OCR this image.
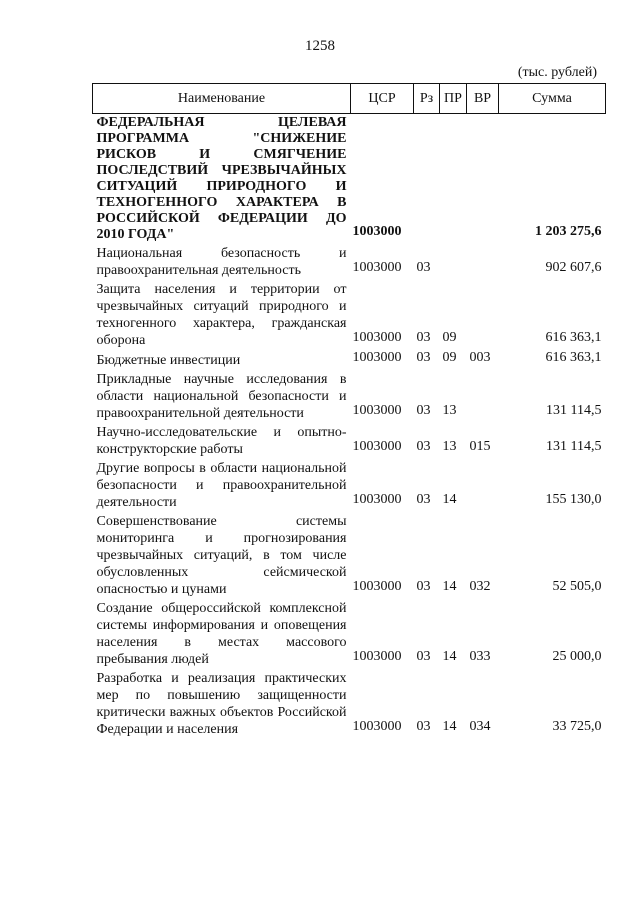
1258
(тыс. рублей)
Наименование	ЦСР	Рз	ПР	ВР	Сумма
ФЕДЕРАЛЬНАЯ ЦЕЛЕВАЯ ПРОГРАММА "СНИЖЕНИЕ РИСКОВ И СМЯГЧЕНИЕ ПОСЛЕДСТВИЙ ЧРЕЗВЫЧАЙНЫХ СИТУАЦИЙ ПРИРОДНОГО И ТЕХНОГЕННОГО ХАРАКТЕРА В РОССИЙСКОЙ ФЕДЕРАЦИИ ДО 2010 ГОДА"	1003000				1 203 275,6
Национальная безопасность и правоохранительная деятельность	1003000	03			902 607,6
Защита населения и территории от чрезвычайных ситуаций природного и техногенного характера, гражданская оборона	1003000	03	09		616 363,1
Бюджетные инвестиции	1003000	03	09	003	616 363,1
Прикладные научные исследования в области национальной безопасности и правоохранительной деятельности	1003000	03	13		131 114,5
Научно-исследовательские и опытно-конструкторские работы	1003000	03	13	015	131 114,5
Другие вопросы в области национальной безопасности и правоохранительной деятельности	1003000	03	14		155 130,0
Совершенствование системы мониторинга и прогнозирования чрезвычайных ситуаций, в том числе обусловленных сейсмической опасностью и цунами	1003000	03	14	032	52 505,0
Создание общероссийской комплексной системы информирования и оповещения населения в местах массового пребывания людей	1003000	03	14	033	25 000,0
Разработка и реализация практических мер по повышению защищенности критически важных объектов Российской Федерации и населения	1003000	03	14	034	33 725,0
